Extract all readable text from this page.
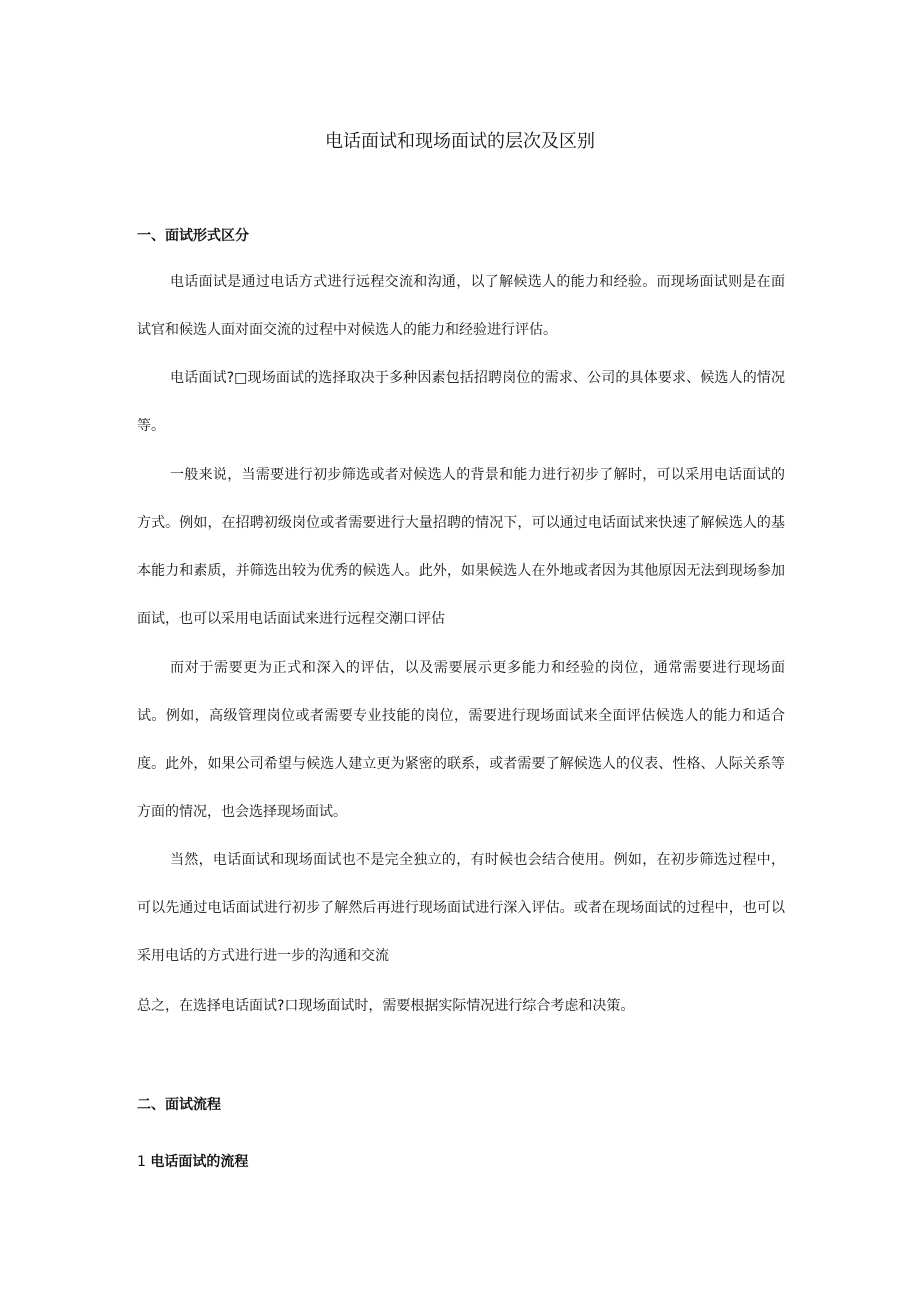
电话面试和现场面试的层次及区别
一、面试形式区分

电话面试是通过电话方式进行远程交流和沟通，以了解候选人的能力和经验。而现场面试则是在面试官和候选人面对面交流的过程中对候选人的能力和经验进行评估。

电话面试?□现场面试的选择取决于多种因素包括招聘岗位的需求、公司的具体要求、候选人的情况等。

一般来说，当需要进行初步筛选或者对候选人的背景和能力进行初步了解时，可以采用电话面试的方式。例如，在招聘初级岗位或者需要进行大量招聘的情况下，可以通过电话面试来快速了解候选人的基本能力和素质，并筛选出较为优秀的候选人。此外，如果候选人在外地或者因为其他原因无法到现场参加面试，也可以采用电话面试来进行远程交潮口评估

而对于需要更为正式和深入的评估，以及需要展示更多能力和经验的岗位，通常需要进行现场面试。例如，高级管理岗位或者需要专业技能的岗位，需要进行现场面试来全面评估候选人的能力和适合度。此外，如果公司希望与候选人建立更为紧密的联系，或者需要了解候选人的仪表、性格、人际关系等方面的情况，也会选择现场面试。

当然，电话面试和现场面试也不是完全独立的，有时候也会结合使用。例如，在初步筛选过程中，可以先通过电话面试进行初步了解然后再进行现场面试进行深入评估。或者在现场面试的过程中，也可以采用电话的方式进行进一步的沟通和交流

总之，在选择电话面试?口现场面试时，需要根据实际情况进行综合考虑和决策。

二、面试流程
1 电话面试的流程
